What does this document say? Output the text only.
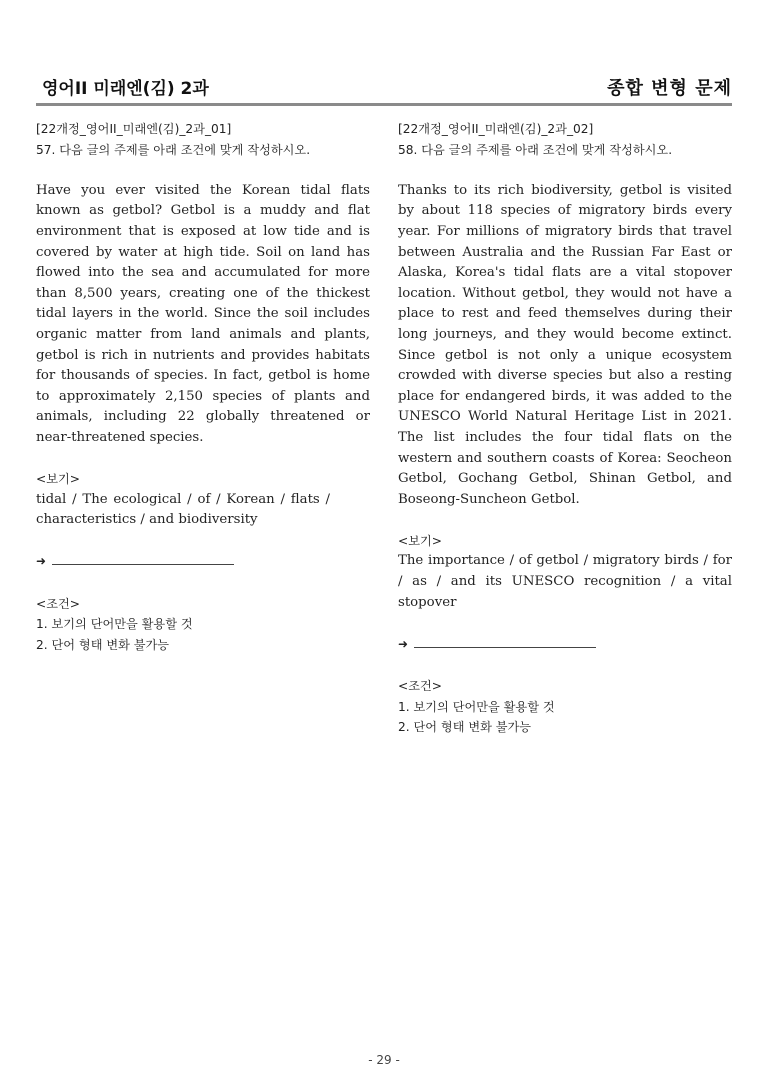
영어II 미래엔(김) 2과	종합 변형 문제
[22개정_영어II_미래엔(김)_2과_01]
57. 다음 글의 주제를 아래 조건에 맞게 작성하시오.
Have you ever visited the Korean tidal flats known as getbol? Getbol is a muddy and flat environment that is exposed at low tide and is covered by water at high tide. Soil on land has flowed into the sea and accumulated for more than 8,500 years, creating one of the thickest tidal layers in the world. Since the soil includes organic matter from land animals and plants, getbol is rich in nutrients and provides habitats for thousands of species. In fact, getbol is home to approximately 2,150 species of plants and animals, including 22 globally threatened or near-threatened species.
<보기>
tidal / The ecological / of / Korean / flats / characteristics / and biodiversity
➜
<조건>
1. 보기의 단어만을 활용할 것
2. 단어 형태 변화 불가능
[22개정_영어II_미래엔(김)_2과_02]
58. 다음 글의 주제를 아래 조건에 맞게 작성하시오.
Thanks to its rich biodiversity, getbol is visited by about 118 species of migratory birds every year. For millions of migratory birds that travel between Australia and the Russian Far East or Alaska, Korea's tidal flats are a vital stopover location. Without getbol, they would not have a place to rest and feed themselves during their long journeys, and they would become extinct. Since getbol is not only a unique ecosystem crowded with diverse species but also a resting place for endangered birds, it was added to the UNESCO World Natural Heritage List in 2021. The list includes the four tidal flats on the western and southern coasts of Korea: Seocheon Getbol, Gochang Getbol, Shinan Getbol, and Boseong-Suncheon Getbol.
<보기>
The importance / of getbol / migratory birds / for / as / and its UNESCO recognition / a vital stopover
➜
<조건>
1. 보기의 단어만을 활용할 것
2. 단어 형태 변화 불가능
- 29 -
